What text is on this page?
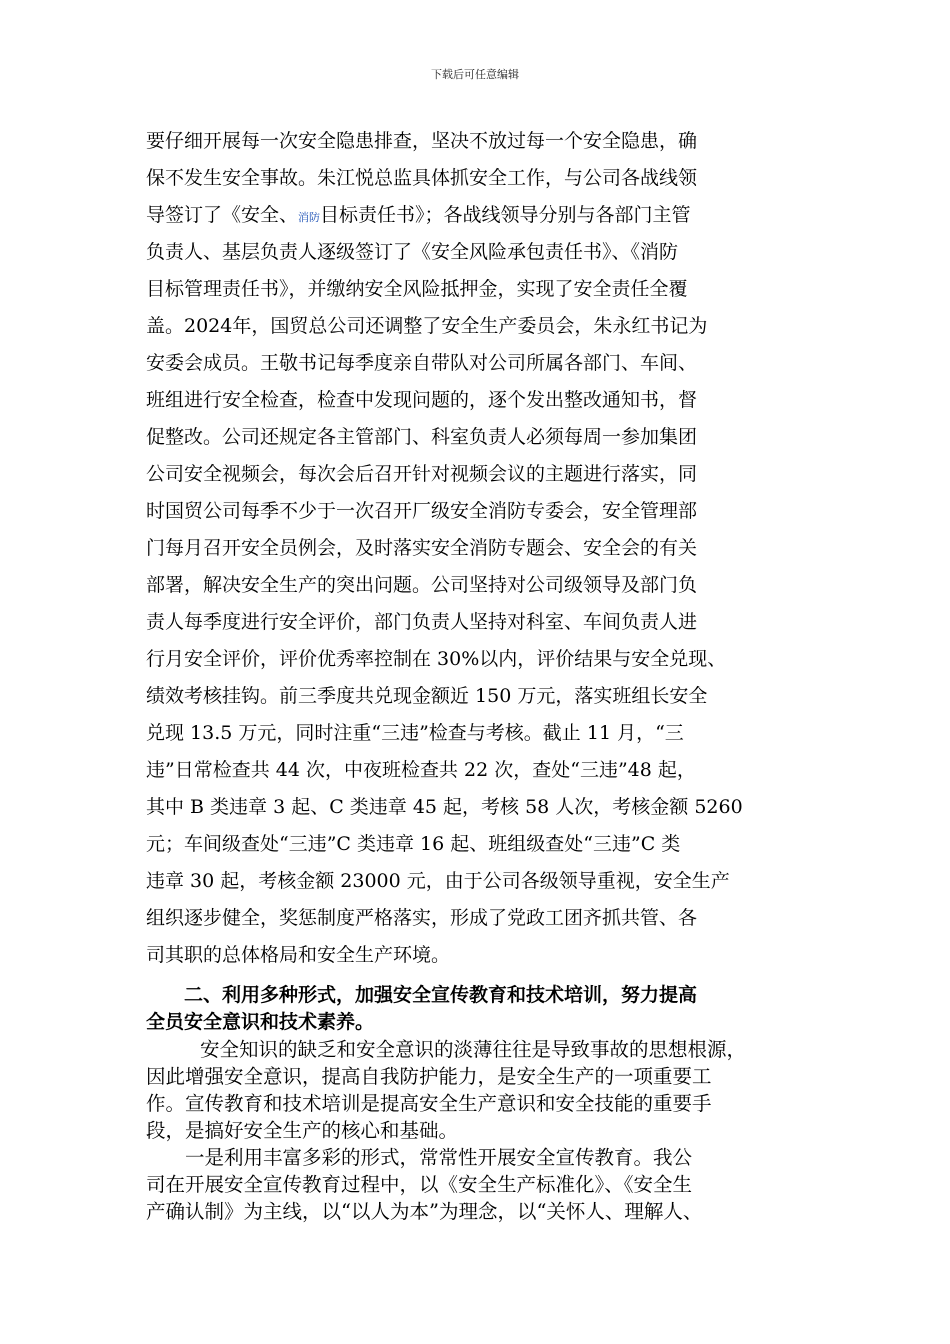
下载后可任意编辑
要仔细开展每一次安全隐患排查，坚决不放过每一个安全隐患，确
保不发生安全事故。朱江悦总监具体抓安全工作，与公司各战线领
导签订了《安全、消防目标责任书》；各战线领导分别与各部门主管
负责人、基层负责人逐级签订了《安全风险承包责任书》、《消防
目标管理责任书》，并缴纳安全风险抵押金，实现了安全责任全覆
盖。2024年，国贸总公司还调整了安全生产委员会，朱永红书记为
安委会成员。王敬书记每季度亲自带队对公司所属各部门、车间、
班组进行安全检查，检查中发现问题的，逐个发出整改通知书，督
促整改。公司还规定各主管部门、科室负责人必须每周一参加集团
公司安全视频会，每次会后召开针对视频会议的主题进行落实，同
时国贸公司每季不少于一次召开厂级安全消防专委会，安全管理部
门每月召开安全员例会，及时落实安全消防专题会、安全会的有关
部署，解决安全生产的突出问题。公司坚持对公司级领导及部门负
责人每季度进行安全评价，部门负责人坚持对科室、车间负责人进
行月安全评价，评价优秀率控制在 30%以内，评价结果与安全兑现、
绩效考核挂钩。前三季度共兑现金额近 150 万元，落实班组长安全
兑现 13.5 万元，同时注重“三违”检查与考核。截止 11 月，“三
违”日常检查共 44 次，中夜班检查共 22 次，查处“三违”48 起，
其中 B 类违章 3 起、C 类违章 45 起，考核 58 人次，考核金额 5260
元；车间级查处“三违”C 类违章 16 起、班组级查处“三违”C 类
违章 30 起，考核金额 23000 元，由于公司各级领导重视，安全生产
组织逐步健全，奖惩制度严格落实，形成了党政工团齐抓共管、各
司其职的总体格局和安全生产环境。
　　二、利用多种形式，加强安全宣传教育和技术培训，努力提高
全员安全意识和技术素养。
安全知识的缺乏和安全意识的淡薄往往是导致事故的思想根源，
因此增强安全意识，提高自我防护能力，是安全生产的一项重要工
作。宣传教育和技术培训是提高安全生产意识和安全技能的重要手
段，是搞好安全生产的核心和基础。
　　一是利用丰富多彩的形式，常常性开展安全宣传教育。我公
司在开展安全宣传教育过程中，以《安全生产标准化》、《安全生
产确认制》为主线，以“以人为本”为理念，以“关怀人、理解人、
